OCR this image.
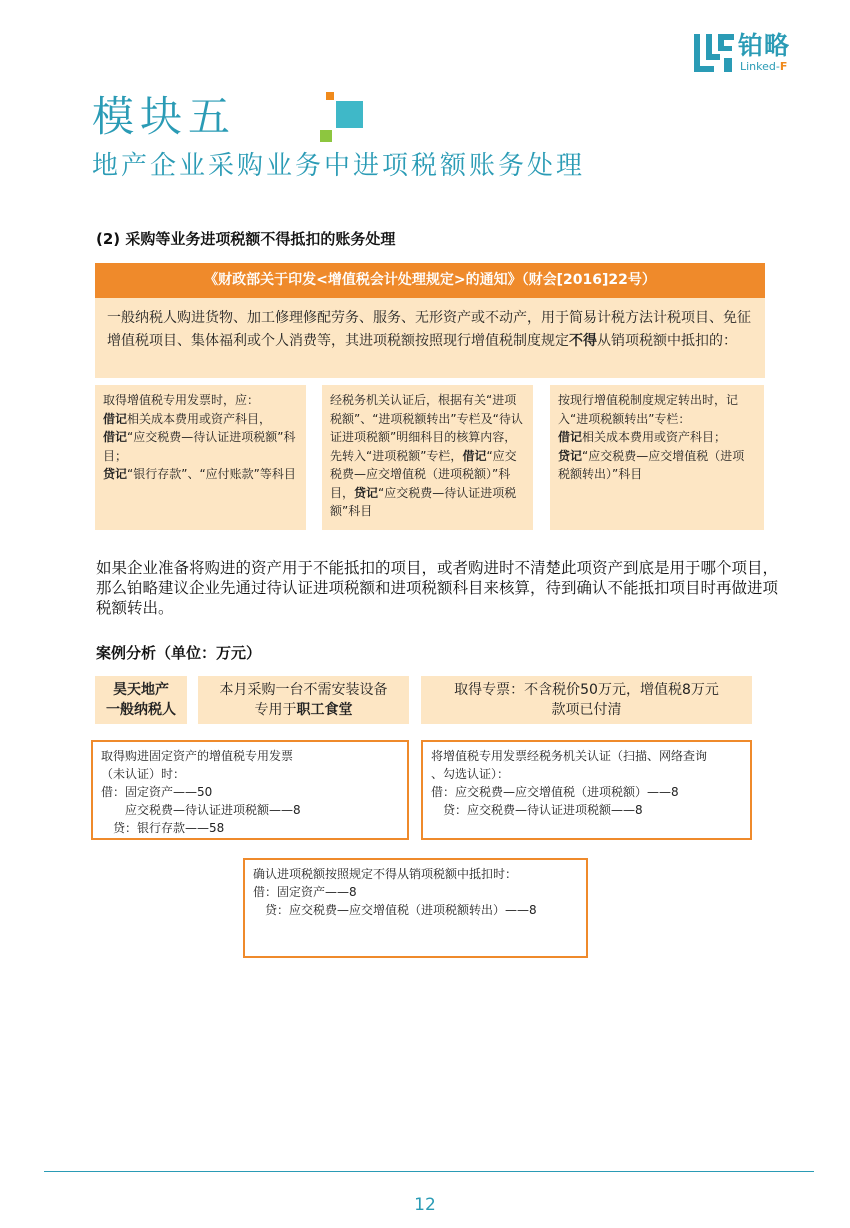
铂略
Linked-F
模块五
地产企业采购业务中进项税额账务处理
(2) 采购等业务进项税额不得抵扣的账务处理
《财政部关于印发<增值税会计处理规定>的通知》（财会[2016]22号）
一般纳税人购进货物、加工修理修配劳务、服务、无形资产或不动产，用于简易计税方法计税项目、免征增值税项目、集体福利或个人消费等，其进项税额按照现行增值税制度规定不得从销项税额中抵扣的：
取得增值税专用发票时，应：
借记相关成本费用或资产科目，
借记“应交税费—待认证进项税额”科目；
贷记“银行存款”、“应付账款”等科目
经税务机关认证后，根据有关“进项税额”、“进项税额转出”专栏及“待认证进项税额”明细科目的核算内容，先转入“进项税额”专栏，借记“应交税费—应交增值税（进项税额）”科目，贷记“应交税费—待认证进项税额”科目
按现行增值税制度规定转出时，记入“进项税额转出”专栏：
借记相关成本费用或资产科目；
贷记“应交税费—应交增值税（进项税额转出）”科目
如果企业准备将购进的资产用于不能抵扣的项目，或者购进时不清楚此项资产到底是用于哪个项目，那么铂略建议企业先通过待认证进项税额和进项税额科目来核算，待到确认不能抵扣项目时再做进项税额转出。
案例分析（单位：万元）
昊天地产
一般纳税人
本月采购一台不需安装设备
专用于职工食堂
取得专票：不含税价50万元，增值税8万元
款项已付清
取得购进固定资产的增值税专用发票
（未认证）时：
借：固定资产——50
应交税费—待认证进项税额——8
贷：银行存款——58
将增值税专用发票经税务机关认证（扫描、网络查询
、勾选认证）：
借：应交税费—应交增值税（进项税额）——8
贷：应交税费—待认证进项税额——8
确认进项税额按照规定不得从销项税额中抵扣时：
借：固定资产——8
贷：应交税费—应交增值税（进项税额转出）——8
12
